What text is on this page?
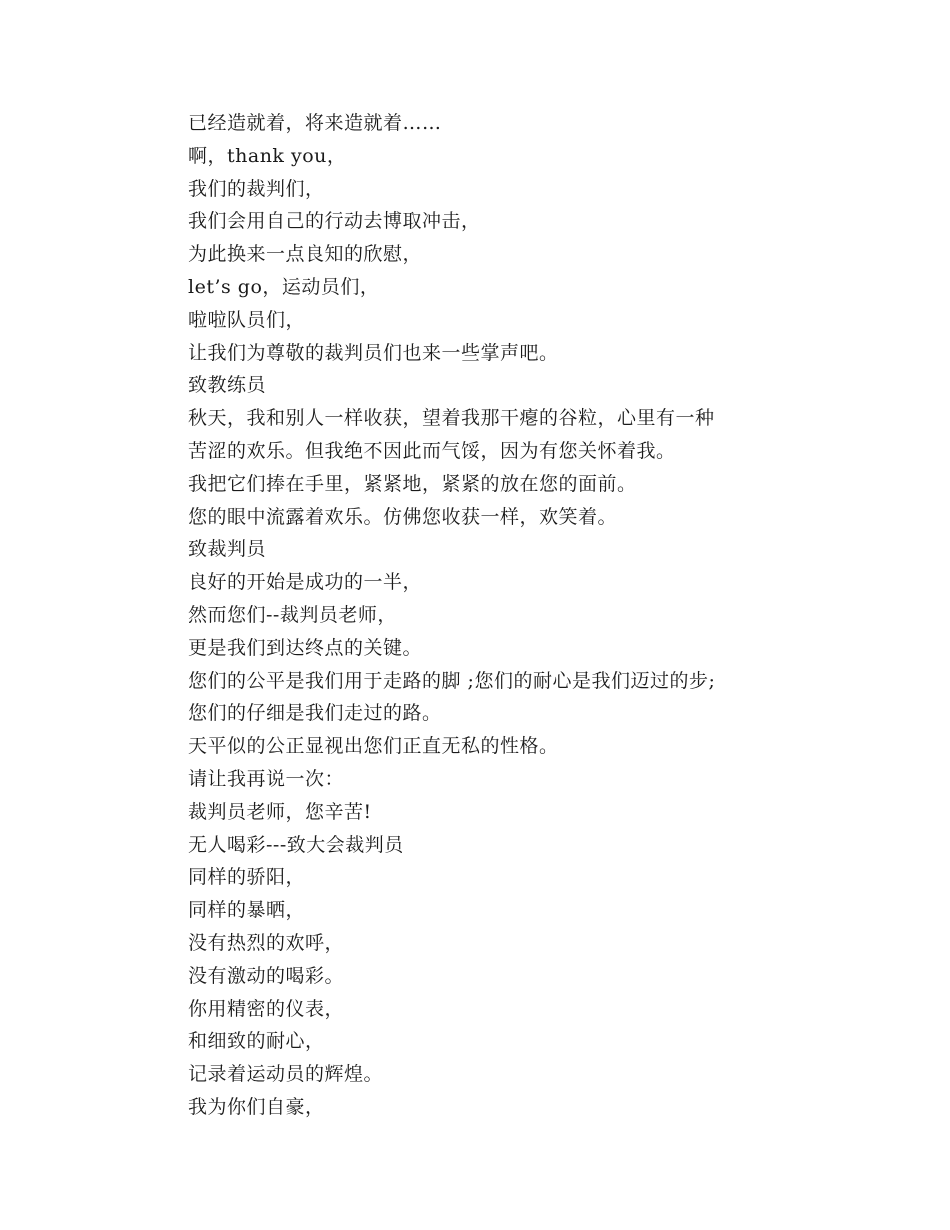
已经造就着，将来造就着……
啊，thank you，
我们的裁判们，
我们会用自己的行动去博取冲击，
为此换来一点良知的欣慰，
let’s go，运动员们，
啦啦队员们，
让我们为尊敬的裁判员们也来一些掌声吧。
致教练员
秋天，我和别人一样收获，望着我那干瘪的谷粒，心里有一种
苦涩的欢乐。但我绝不因此而气馁，因为有您关怀着我。
我把它们捧在手里，紧紧地，紧紧的放在您的面前。
您的眼中流露着欢乐。仿佛您收获一样，欢笑着。
致裁判员
良好的开始是成功的一半，
然而您们--裁判员老师，
更是我们到达终点的关键。
您们的公平是我们用于走路的脚 ;您们的耐心是我们迈过的步;
您们的仔细是我们走过的路。
天平似的公正显视出您们正直无私的性格。
请让我再说一次：
裁判员老师，您辛苦!
无人喝彩---致大会裁判员
同样的骄阳，
同样的暴晒，
没有热烈的欢呼，
没有激动的喝彩。
你用精密的仪表，
和细致的耐心，
记录着运动员的辉煌。
我为你们自豪，
